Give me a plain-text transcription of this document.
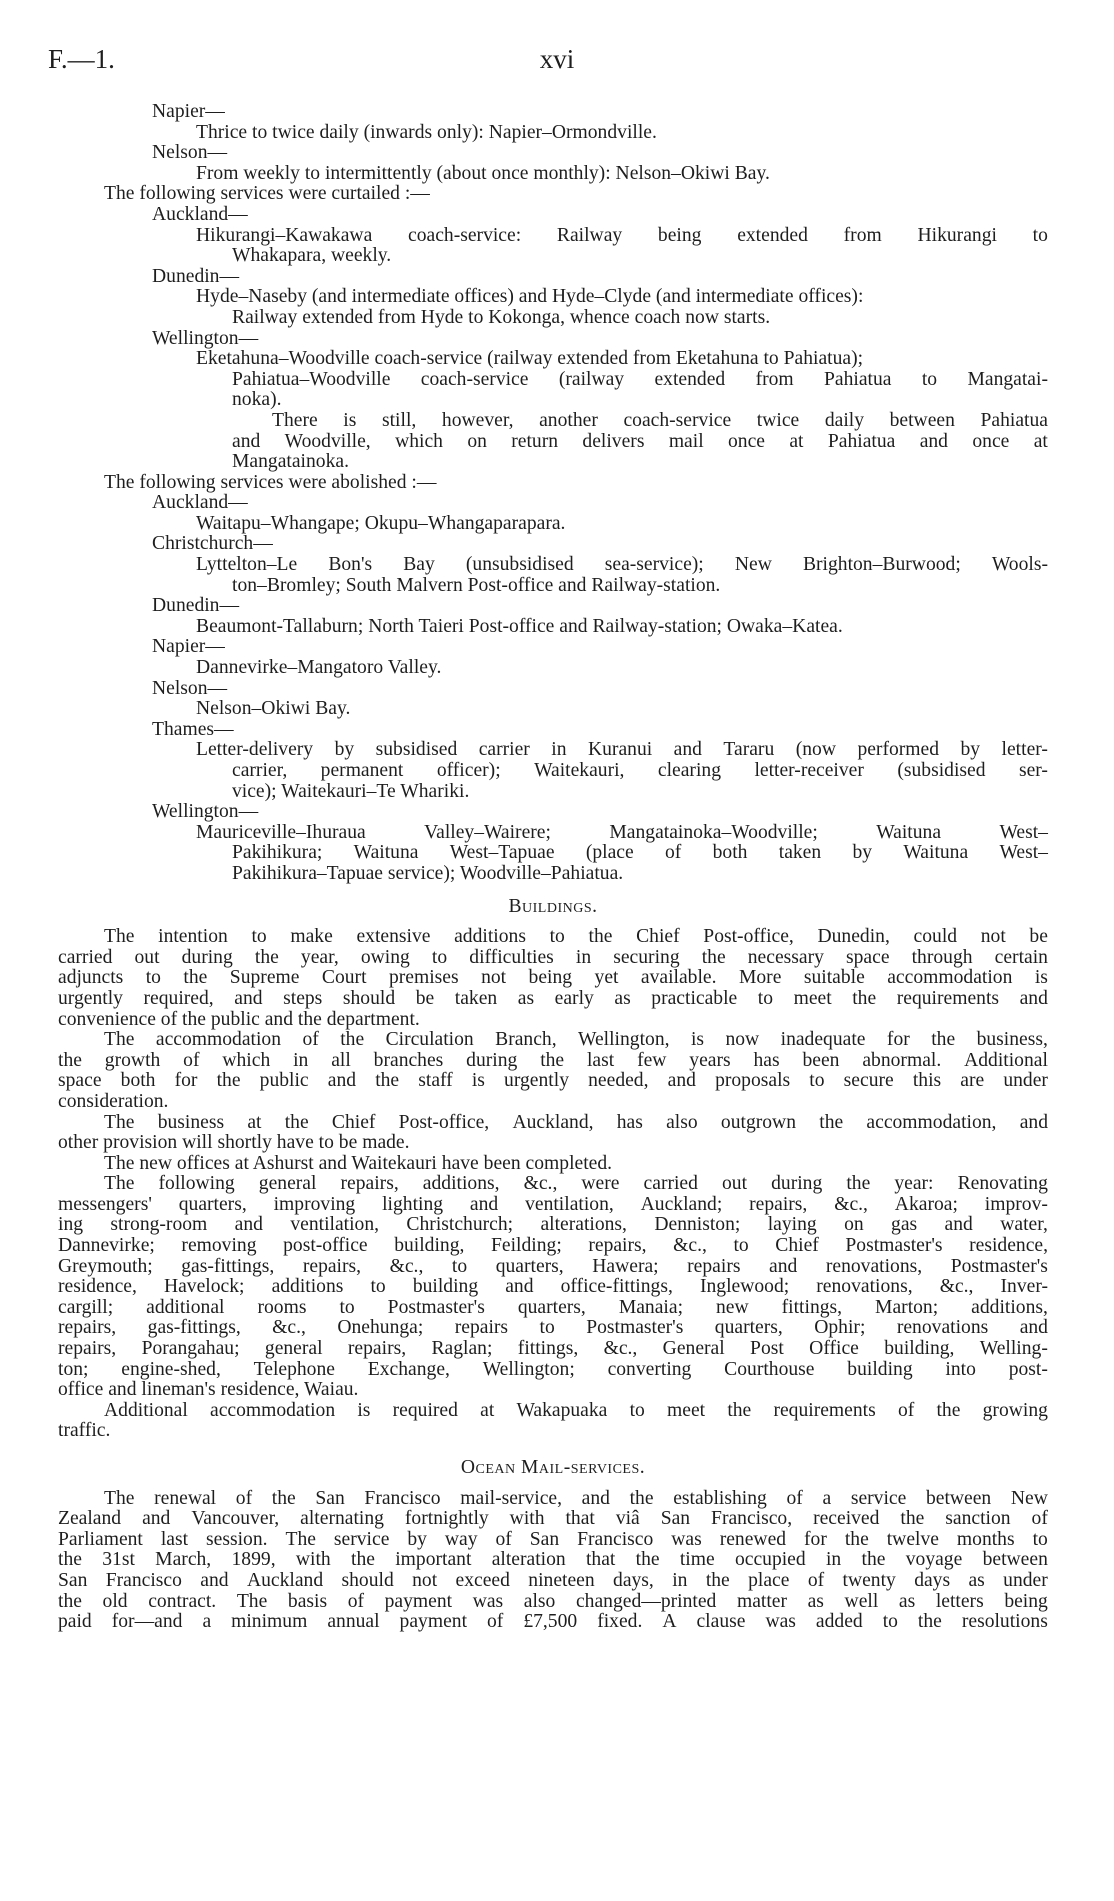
F.—1.	xvi
Napier—
Thrice to twice daily (inwards only): Napier–Ormondville.
Nelson—
From weekly to intermittently (about once monthly): Nelson–Okiwi Bay.
The following services were curtailed :—
Auckland—
Hikurangi–Kawakawa coach-service: Railway being extended from Hikurangi to
Whakapara, weekly.
Dunedin—
Hyde–Naseby (and intermediate offices) and Hyde–Clyde (and intermediate offices):
Railway extended from Hyde to Kokonga, whence coach now starts.
Wellington—
Eketahuna–Woodville coach-service (railway extended from Eketahuna to Pahiatua);
Pahiatua–Woodville coach-service (railway extended from Pahiatua to Mangatai-
noka).
There is still, however, another coach-service twice daily between Pahiatua
and Woodville, which on return delivers mail once at Pahiatua and once at
Mangatainoka.
The following services were abolished :—
Auckland—
Waitapu–Whangape; Okupu–Whangaparapara.
Christchurch—
Lyttelton–Le Bon's Bay (unsubsidised sea-service); New Brighton–Burwood; Wools-
ton–Bromley; South Malvern Post-office and Railway-station.
Dunedin—
Beaumont-Tallaburn; North Taieri Post-office and Railway-station; Owaka–Katea.
Napier—
Dannevirke–Mangatoro Valley.
Nelson—
Nelson–Okiwi Bay.
Thames—
Letter-delivery by subsidised carrier in Kuranui and Tararu (now performed by letter-
carrier, permanent officer); Waitekauri, clearing letter-receiver (subsidised ser-
vice); Waitekauri–Te Whariki.
Wellington—
Mauriceville–Ihuraua	Valley–Wairere;	Mangatainoka–Woodville;	Waituna	West–
Pakihikura; Waituna West–Tapuae (place of both taken by Waituna West–
Pakihikura–Tapuae service); Woodville–Pahiatua.
Buildings.
The intention to make extensive additions to the Chief Post-office, Dunedin, could not be
carried out during the year, owing to difficulties in securing the necessary space through certain
adjuncts to the Supreme Court premises not being yet available. More suitable accommodation is
urgently required, and steps should be taken as early as practicable to meet the requirements and
convenience of the public and the department.
The accommodation of the Circulation Branch, Wellington, is now inadequate for the business,
the growth of which in all branches during the last few years has been abnormal. Additional
space both for the public and the staff is urgently needed, and proposals to secure this are under
consideration.
The business at the Chief Post-office, Auckland, has also outgrown the accommodation, and
other provision will shortly have to be made.
The new offices at Ashurst and Waitekauri have been completed.
The following general repairs, additions, &c., were carried out during the year: Renovating
messengers' quarters, improving lighting and ventilation, Auckland; repairs, &c., Akaroa; improv-
ing strong-room and ventilation, Christchurch; alterations, Denniston; laying on gas and water,
Dannevirke; removing post-office building, Feilding; repairs, &c., to Chief Postmaster's residence,
Greymouth; gas-fittings, repairs, &c., to quarters, Hawera; repairs and renovations, Postmaster's
residence, Havelock; additions to building and office-fittings, Inglewood; renovations, &c., Inver-
cargill; additional rooms to Postmaster's quarters, Manaia; new fittings, Marton; additions,
repairs, gas-fittings, &c., Onehunga; repairs to Postmaster's quarters, Ophir; renovations and
repairs, Porangahau; general repairs, Raglan; fittings, &c., General Post Office building, Welling-
ton; engine-shed, Telephone Exchange, Wellington; converting Courthouse building into post-
office and lineman's residence, Waiau.
Additional accommodation is required at Wakapuaka to meet the requirements of the growing
traffic.
Ocean Mail-services.
The renewal of the San Francisco mail-service, and the establishing of a service between New
Zealand and Vancouver, alternating fortnightly with that viâ San Francisco, received the sanction of
Parliament last session. The service by way of San Francisco was renewed for the twelve months to
the 31st March, 1899, with the important alteration that the time occupied in the voyage between
San Francisco and Auckland should not exceed nineteen days, in the place of twenty days as under
the old contract. The basis of payment was also changed—printed matter as well as letters being
paid for—and a minimum annual payment of £7,500 fixed. A clause was added to the resolutions
